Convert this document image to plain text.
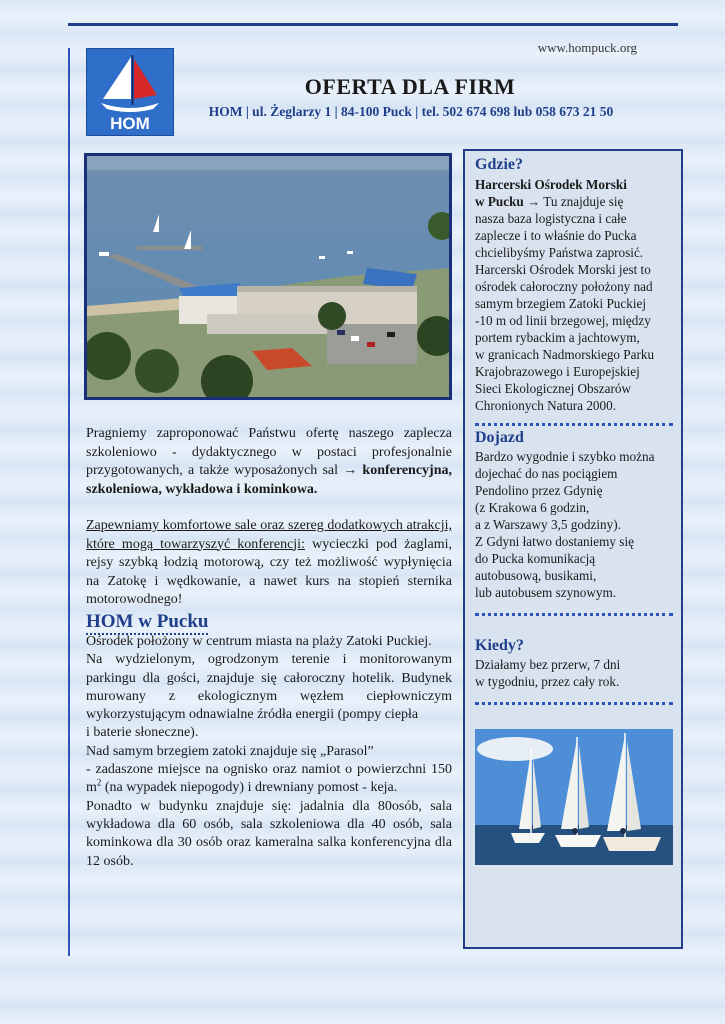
www.hompuck.org
HOM
OFERTA DLA FIRM
HOM | ul. Żeglarzy 1 | 84-100 Puck | tel. 502 674 698 lub 058 673 21 50

Pragniemy zaproponować Państwu ofertę naszego zaplecza szkoleniowo - dydaktycznego w postaci profesjonalnie przygotowanych, a także wyposażonych sal → konferencyjna, szkoleniowa, wykładowa i kominkowa.

Zapewniamy komfortowe sale oraz szereg dodatkowych atrakcji, które mogą towarzyszyć konferencji: wycieczki pod żaglami, rejsy szybką łodzią motorową, czy też możliwość wypłynięcia na Zatokę i wędkowanie, a nawet kurs na stopień sternika motorowodnego!

HOM w Pucku
Ośrodek położony w centrum miasta na plaży Zatoki Puckiej.
Na wydzielonym, ogrodzonym terenie i monitorowanym parkingu dla gości, znajduje się całoroczny hotelik. Budynek murowany z ekologicznym węzłem ciepłowniczym wykorzystującym odnawialne źródła energii (pompy ciepła
i baterie słoneczne).
Nad samym brzegiem zatoki znajduje się „Parasol”
- zadaszone miejsce na ognisko oraz namiot o powierzchni 150 $m^2$ (na wypadek niepogody) i drewniany pomost - keja.
Ponadto w budynku znajduje się: jadalnia dla 80osób, sala wykładowa dla 60 osób, sala szkoleniowa dla 40 osób, sala kominkowa dla 30 osób oraz kameralna salka konferencyjna dla 12 osób.
Gdzie?
Harcerski Ośrodek Morski
w Pucku → Tu znajduje się
nasza baza logistyczna i całe
zaplecze i to właśnie do Pucka
chcielibyśmy Państwa zaprosić.
Harcerski Ośrodek Morski jest to
ośrodek całoroczny położony nad
samym brzegiem Zatoki Puckiej
-10 m od linii brzegowej, między
portem rybackim a jachtowym,
w granicach Nadmorskiego Parku
Krajobrazowego i Europejskiej
Sieci Ekologicznej Obszarów
Chronionych Natura 2000.
Dojazd
Bardzo wygodnie i szybko można
dojechać do nas pociągiem
Pendolino przez Gdynię
(z Krakowa 6 godzin,
a z Warszawy 3,5 godziny).
Z Gdyni łatwo dostaniemy się
do Pucka komunikacją
autobusową, busikami,
lub autobusem szynowym.
Kiedy?
Działamy bez przerw, 7 dni
w tygodniu, przez cały rok.
